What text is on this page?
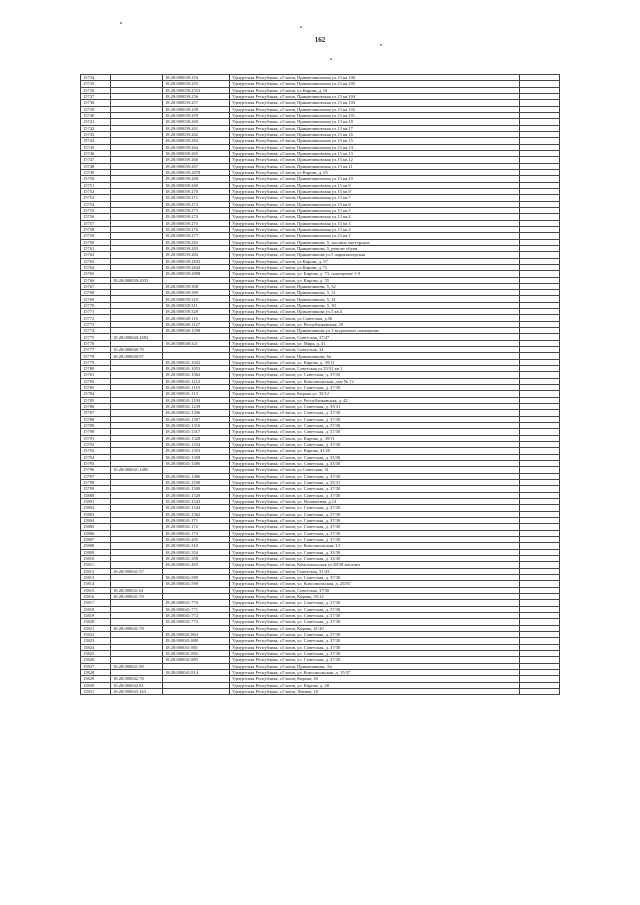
162
15734		18:28:000039:254	Удмуртская Республика, г.Глазов, Приканчиковская ул.13 кв.106	
15735		18:28:000039:255	Удмуртская Республика, г.Глазов, Приканчиковская ул.13 кв.105	
15736		18:28:000039:2553	Удмуртская Республика, г.Глазов, ул.Кирова, д. 61	
15737		18:28:000039:256	Удмуртская Республика, г.Глазов, Приканчиковская ул.13 кв.104	
15738		18:28:000039:257	Удмуртская Республика, г.Глазов, Приканчиковская ул.13 кв.103	
15739		18:28:000039:258	Удмуртская Республика, г.Глазов, Приканчиковская ул.13 кв.102	
15740		18:28:000039:259	Удмуртская Республика, г.Глазов, Приканчиковская ул.13 кв.101	
15741		18:28:000039:260	Удмуртская Республика, г.Глазов, Приканчиковская ул.13 кв.18	
15742		18:28:000039:261	Удмуртская Республика, г.Глазов, Приканчиковская ул.13 кв.17	
15743		18:28:000039:262	Удмуртская Республика, г.Глазов, Приканчиковская ул.13 кв.16	
15744		18:28:000039:263	Удмуртская Республика, г.Глазов, Приканчиковская ул.13 кв.15	
15745		18:28:000039:264	Удмуртская Республика, г.Глазов, Приканчиковская ул.13 кв.14	
15746		18:28:000039:265	Удмуртская Республика, г.Глазов, Приканчиковская ул.13 кв.13	
15747		18:28:000039:266	Удмуртская Республика, г.Глазов, Приканчиковская ул.13 кв.12	
15748		18:28:000039:267	Удмуртская Республика, г.Глазов, Приканчиковская ул.13 кв.11	
15749		18:28:000039:2678	Удмуртская Республика, г.Глазов, ул.Кирова, д. 65	
15750		18:28:000039:268	Удмуртская Республика, г.Глазов, Приканчиковская ул.13 кв.10	
15751		18:28:000039:269	Удмуртская Республика, г.Глазов, Приканчиковская ул.13 кв.9	
15752		18:28:000039:270	Удмуртская Республика, г.Глазов, Приканчиковская ул.13 кв.8	
15753		18:28:000039:271	Удмуртская Республика, г.Глазов, Приканчиковская ул.13 кв.7	
15754		18:28:000039:272	Удмуртская Республика, г.Глазов, Приканчиковская ул.13 кв.6	
15755		18:28:000039:273	Удмуртская Республика, г.Глазов, Приканчиковская ул.13 кв.5	
15756		18:28:000039:274	Удмуртская Республика, г.Глазов, Приканчиковская ул.13 кв.4	
15757		18:28:000039:275	Удмуртская Республика, г.Глазов, Приканчиковская ул.13 кв.3	
15758		18:28:000039:276	Удмуртская Республика, г.Глазов, Приканчиковская ул.13 кв.2	
15759		18:28:000039:277	Удмуртская Республика, г.Глазов, Приканчиковская ул.13 кв.1	
15760		18:28:000039:282	Удмуртская Республика, г.Глазов, Приканчикова, 5, часовые мастерские	
15761		18:28:000039:283	Удмуртская Республика, г.Глазов, Приканчикова, 5, ремонт обуви	
15762		18:28:000039:284	Удмуртская Республика, г.Глазов, Приканчикова ул.5 парикмахерская	
15763		18:28:000039:2843	Удмуртская Республика, г.Глазов, ул.Кирова, д. 67	
15764		18:28:000039:2844	Удмуртская Республика, г.Глазов, ул.Кирова, д.73	
15765		18:28:000039:2898	Удмуртская Республика, г.Глазов, ул. Кирова, д. 73, помещение 1-9	
15766	18:28:000039:2933		Удмуртская Республика, г.Глазов, ул. Кирова, д. 55	
15767		18:28:000039:308	Удмуртская Республика, г.Глазов, Приканчикова, 5, 32	
15768		18:28:000039:309	Удмуртская Республика, г.Глазов, Приканчикова, 5, 31	
15769		18:28:000039:310	Удмуртская Республика, г.Глазов, Приканчикова, 5, 31	
15770		18:28:000039:311	Удмуртская Республика, г.Глазов, Приканчикова, 5, 30	
15771		18:28:000039:329	Удмуртская Республика, г.Глазов, Приканчикова ул.5 кв.4	
15772		18:28:000040:110	Удмуртская Республика, г.Глазов, ул.Советская, д.36	
15773		18:28:000040:1127	Удмуртская Республика, г.Глазов, ул. Республиканская, 29	
15774		18:28:000040:1298	Удмуртская Республика, г.Глазов, Приканчикова ул.3 встроенное помещение	
15775	18:28:000040:1682		Удмуртская Республика, г.Глазов, Советская, 37/47	
15776		18:28:000040:321	Удмуртская Республика, г.Глазов, ул. Мира, д. 41	
15777	18:28:000040:79		Удмуртская Республика, г.Глазов, Советская, 34	
15778	18:28:000040:97		Удмуртская Республика, г.Глазов, Приканчикова, 6а	
15779		18:28:000041:1042	Удмуртская Республика, г.Глазов, ул. Кирова, д. 39/11	
15780		18:28:000041:1053	Удмуртская Республика, г.Глазов, Советская ул.35/31 кв.1	
15781		18:28:000041:1062	Удмуртская Республика, г.Глазов, ул. Советская, д. 37/30	
15782		18:28:000041:1114	Удмуртская Республика, г.Глазов, ул. Комсомольская, дом № 12	
15783		18:28:000041:1119	Удмуртская Республика, г.Глазов, ул. Советская, д. 27/30	
15784		18:28:000041:113	Удмуртская Республика, г.Глазов, Кирова ул. 35/12	
15785		18:28:000041:1194	Удмуртская Республика, г.Глазов, ул. Республиканская, д. 42	
15786		18:28:000041:1239	Удмуртская Республика, г.Глазов, ул. Советская, д. 35/31	
15787		18:28:000041:1296	Удмуртская Республика, г.Глазов, ул. Советская, д. 37/30	
15788		18:28:000041:1307	Удмуртская Республика, г.Глазов, ул. Советская, д. 37/30	
15789		18:28:000041:1316	Удмуртская Республика, г.Глазов, ул. Советская, д. 37/30	
15790		18:28:000041:1317	Удмуртская Республика, г.Глазов, ул. Советская, д. 37/30	
15791		18:28:000041:1328	Удмуртская Республика, г.Глазов, ул. Кирова, д. 39/11	
15792		18:28:000041:1334	Удмуртская Республика, г.Глазов, ул. Советская, д. 37/30	
15793		18:28:000041:1353	Удмуртская Республика, г.Глазов, ул. Кирова, 41/20	
15794		18:28:000041:1358	Удмуртская Республика, г.Глазов, ул. Советская, д. 33/30	
15795		18:28:000041:1406	Удмуртская Республика, г.Глазов, ул. Советская, д. 33/30	
15796	18:28:000041:1485		Удмуртская Республика, г.Глазов, ул.Советская, 31	
15797		18:28:000041:1486	Удмуртская Республика, г.Глазов, ул. Советская, д. 37/30	
15798		18:28:000041:1500	Удмуртская Республика, г.Глазов, ул. Советская, д. 35/31	
15799		18:28:000041:1509	Удмуртская Республика, г.Глазов, ул. Советская, д. 37/30	
15800		18:28:000041:1520	Удмуртская Республика, г.Глазов, ул. Советская, д. 37/30	
15801		18:28:000041:1543	Удмуртская Республика, г.Глазов, ул. Незаметная, д.14	
15802		18:28:000041:1544	Удмуртская Республика, г.Глазов, ул. Советская, д. 37/30	
15803		18:28:000041:1562	Удмуртская Республика, г.Глазов, ул. Советская, д. 37/30	
15804		18:28:000041:171	Удмуртская Республика, г.Глазов, ул. Советская, д. 37/30	
15805		18:28:000041:172	Удмуртская Республика, г.Глазов, ул. Советская, д. 37/30	
15806		18:28:000041:173	Удмуртская Республика, г.Глазов, ул. Советская, д. 37/30	
15807		18:28:000041:205	Удмуртская Республика, г.Глазов, ул. Советская, д. 37/30	
15808		18:28:000041:310	Удмуртская Республика, г.Глазов, ул. Комсомольская, 13	
15809		18:28:000041:354	Удмуртская Республика, г.Глазов, ул. Советская, д. 33/30	
15810		18:28:000041:358	Удмуртская Республика, г.Глазов, ул. Советская, д. 33/30	
15811		18:28:000041:465	Удмуртская Республика, г.Глазов, Комсомольская ул.28/38 магазин	
15812	18:28:000041:57		Удмуртская Республика, г.Глазов, Советская, 31/43	
15813		18:28:000041:589	Удмуртская Республика, г.Глазов, ул. Советская, д. 37/30	
15814		18:28:000041:590	Удмуртская Республика, г.Глазов, ул. Комсомольская, д. 26/55	
15815	18:28:000041:61		Удмуртская Республика, г.Глазов, Советская, 37/30	
15816	18:28:000041:70		Удмуртская Республика, г.Глазов, Кирова, 35/12	
15817		18:28:000041:770	Удмуртская Республика, г.Глазов, ул. Советская, д. 37/30	
15818		18:28:000041:771	Удмуртская Республика, г.Глазов, ул. Советская, д. 37/30	
15819		18:28:000041:772	Удмуртская Республика, г.Глазов, ул. Советская, д. 37/30	
15820		18:28:000041:773	Удмуртская Республика, г.Глазов, ул. Советская, д. 37/30	
15821	18:28:000041:78		Удмуртская Республика, г.Глазов, Кирова, 41/20	
15822		18:28:000041:864	Удмуртская Республика, г.Глазов, ул. Советская, д. 37/30	
15823		18:28:000041:880	Удмуртская Республика, г.Глазов, ул. Советская, д. 37/30	
15824		18:28:000041:881	Удмуртская Республика, г.Глазов, ул. Советская, д. 37/30	
15825		18:28:000041:882	Удмуртская Республика, г.Глазов, ул. Советская, д. 37/30	
15826		18:28:000041:883	Удмуртская Республика, г.Глазов, ул. Советская, д. 37/30	
15827	18:28:000041:90		Удмуртская Республика, г.Глазов, Приканчикова, 3/а	
15828		18:28:000041:914	Удмуртская Республика, г.Глазов, ул. Комсомольская, д. 15/37	
15829	18:28:000042:76		Удмуртская Республика, г.Глазов, Кирова, 26	
15830	18:28:000042:81		Удмуртская Республика, г.Глазов, ул. Кирова, д. 28	
15831	18:28:000043:163		Удмуртская Республика, г.Глазов, Ленина, 10	
